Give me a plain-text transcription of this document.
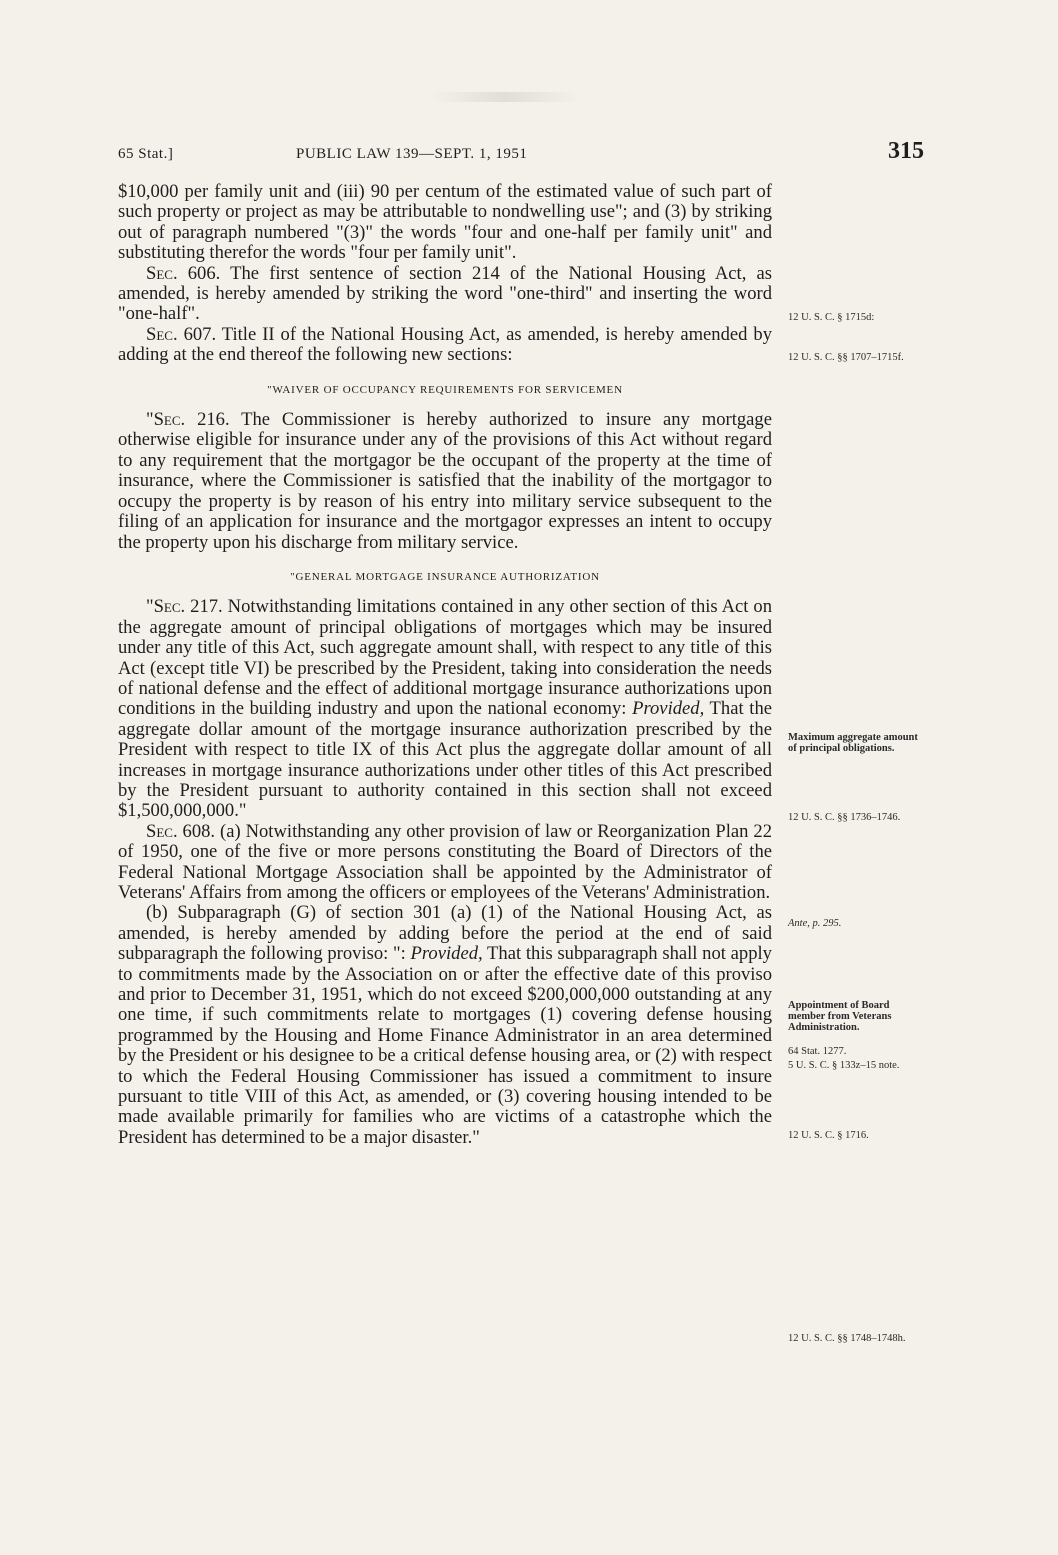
65 Stat.]	PUBLIC LAW 139—SEPT. 1, 1951	315

$10,000 per family unit and (iii) 90 per centum of the estimated value of such part of such property or project as may be attributable to nondwelling use"; and (3) by striking out of paragraph numbered "(3)" the words "four and one-half per family unit" and substituting therefor the words "four per family unit".

Sec. 606. The first sentence of section 214 of the National Housing Act, as amended, is hereby amended by striking the word "one-third" and inserting the word "one-half".

Sec. 607. Title II of the National Housing Act, as amended, is hereby amended by adding at the end thereof the following new sections:

"WAIVER OF OCCUPANCY REQUIREMENTS FOR SERVICEMEN

"Sec. 216. The Commissioner is hereby authorized to insure any mortgage otherwise eligible for insurance under any of the provisions of this Act without regard to any requirement that the mortgagor be the occupant of the property at the time of insurance, where the Commissioner is satisfied that the inability of the mortgagor to occupy the property is by reason of his entry into military service subsequent to the filing of an application for insurance and the mortgagor expresses an intent to occupy the property upon his discharge from military service.

"GENERAL MORTGAGE INSURANCE AUTHORIZATION

"Sec. 217. Notwithstanding limitations contained in any other section of this Act on the aggregate amount of principal obligations of mortgages which may be insured under any title of this Act, such aggregate amount shall, with respect to any title of this Act (except title VI) be prescribed by the President, taking into consideration the needs of national defense and the effect of additional mortgage insurance authorizations upon conditions in the building industry and upon the national economy: Provided, That the aggregate dollar amount of the mortgage insurance authorization prescribed by the President with respect to title IX of this Act plus the aggregate dollar amount of all increases in mortgage insurance authorizations under other titles of this Act prescribed by the President pursuant to authority contained in this section shall not exceed $1,500,000,000."

Sec. 608. (a) Notwithstanding any other provision of law or Reorganization Plan 22 of 1950, one of the five or more persons constituting the Board of Directors of the Federal National Mortgage Association shall be appointed by the Administrator of Veterans' Affairs from among the officers or employees of the Veterans' Administration.

(b) Subparagraph (G) of section 301 (a) (1) of the National Housing Act, as amended, is hereby amended by adding before the period at the end of said subparagraph the following proviso: ": Provided, That this subparagraph shall not apply to commitments made by the Association on or after the effective date of this proviso and prior to December 31, 1951, which do not exceed $200,000,000 outstanding at any one time, if such commitments relate to mortgages (1) covering defense housing programmed by the Housing and Home Finance Administrator in an area determined by the President or his designee to be a critical defense housing area, or (2) with respect to which the Federal Housing Commissioner has issued a commitment to insure pursuant to title VIII of this Act, as amended, or (3) covering housing intended to be made available primarily for families who are victims of a catastrophe which the President has determined to be a major disaster."

12 U. S. C. § 1715d:
12 U. S. C. §§ 1707–1715f.
Maximum aggregate amount of principal obligations.
12 U. S. C. §§ 1736–1746.
Ante, p. 295.
Appointment of Board member from Veterans Administration.
64 Stat. 1277.
5 U. S. C. § 133z–15 note.
12 U. S. C. § 1716.
12 U. S. C. §§ 1748–1748h.
